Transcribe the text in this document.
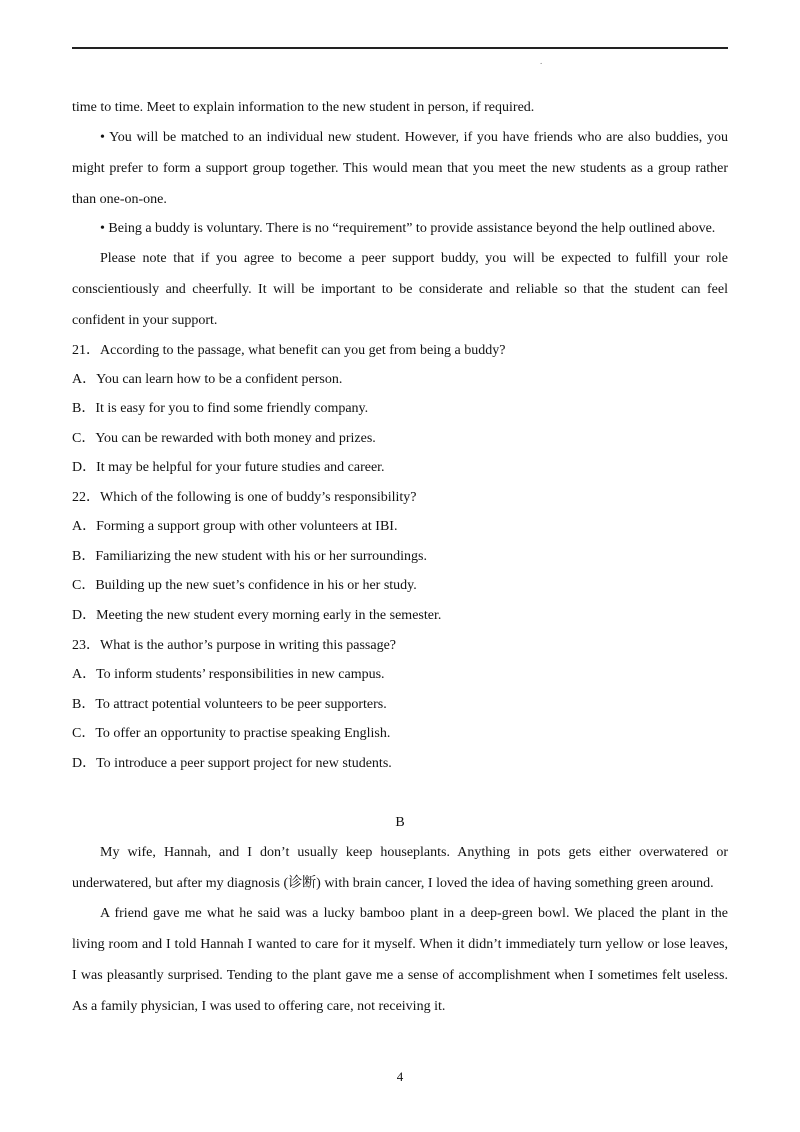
.
time to time. Meet to explain information to the new student in person, if required.
• You will be matched to an individual new student. However, if you have friends who are also buddies, you
might prefer to form a support group together. This would mean that you meet the new students as a group rather
than one-on-one.
• Being a buddy is voluntary. There is no “requirement” to provide assistance beyond the help outlined above.
Please note that if you agree to become a peer support buddy, you will be expected to fulfill your role
conscientiously and cheerfully. It will be important to be considerate and reliable so that the student can feel
confident in your support.
21．According to the passage, what benefit can you get from being a buddy?
A．You can learn how to be a confident person.
B．It is easy for you to find some friendly company.
C．You can be rewarded with both money and prizes.
D．It may be helpful for your future studies and career.
22．Which of the following is one of buddy’s responsibility?
A．Forming a support group with other volunteers at IBI.
B．Familiarizing the new student with his or her surroundings.
C．Building up the new suet’s confidence in his or her study.
D．Meeting the new student every morning early in the semester.
23．What is the author’s purpose in writing this passage?
A．To inform students’ responsibilities in new campus.
B．To attract potential volunteers to be peer supporters.
C．To offer an opportunity to practise speaking English.
D．To introduce a peer support project for new students.
B
My wife, Hannah, and I don’t usually keep houseplants. Anything in pots gets either overwatered or
underwatered, but after my diagnosis (诊断) with brain cancer, I loved the idea of having something green around.
A friend gave me what he said was a lucky bamboo plant in a deep-green bowl. We placed the plant in the
living room and I told Hannah I wanted to care for it myself. When it didn’t immediately turn yellow or lose leaves,
I was pleasantly surprised. Tending to the plant gave me a sense of accomplishment when I sometimes felt useless.
As a family physician, I was used to offering care, not receiving it.
4
